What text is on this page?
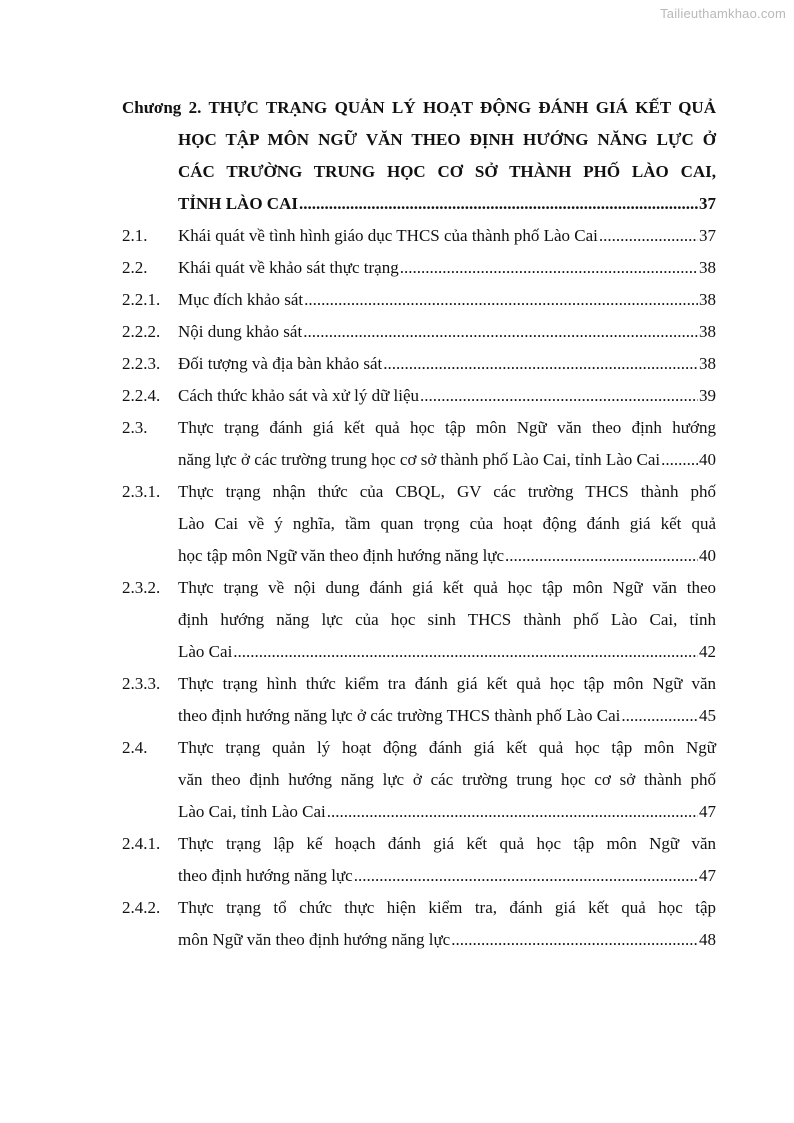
Tailieuthamkhao.com
Chương 2. THỰC TRẠNG QUẢN LÝ HOẠT ĐỘNG ĐÁNH GIÁ KẾT QUẢ
HỌC TẬP MÔN NGỮ VĂN THEO ĐỊNH HƯỚNG NĂNG LỰC Ở
CÁC TRƯỜNG TRUNG HỌC CƠ SỞ THÀNH PHỐ LÀO CAI,
TỈNH LÀO CAI .....	37
2.1.	Khái quát về tình hình giáo dục THCS của thành phố Lào Cai .....	37
2.2.	Khái quát về khảo sát thực trạng .....	38
2.2.1.	Mục đích khảo sát .....	38
2.2.2.	Nội dung khảo sát .....	38
2.2.3.	Đối tượng và địa bàn khảo sát .....	38
2.2.4.	Cách thức khảo sát và xử lý dữ liệu .....	39
2.3.	Thực trạng đánh giá kết quả học tập môn Ngữ văn theo định hướng
năng lực ở các trường trung học cơ sở thành phố Lào Cai, tỉnh Lào Cai ..... 40
2.3.1.	Thực trạng nhận thức của CBQL, GV các trường THCS thành phố
Lào Cai về ý nghĩa, tầm quan trọng của hoạt động đánh giá kết quả
học tập môn Ngữ văn theo định hướng năng lực .....	40
2.3.2.	Thực trạng về nội dung đánh giá kết quả học tập môn Ngữ văn theo
định hướng năng lực của học sinh THCS thành phố Lào Cai, tỉnh
Lào Cai .....	42
2.3.3.	Thực trạng hình thức kiểm tra đánh giá kết quả học tập môn Ngữ văn
theo định hướng năng lực ở các trường THCS thành phố Lào Cai .....	45
2.4.	Thực trạng quản lý hoạt động đánh giá kết quả học tập môn Ngữ
văn theo định hướng năng lực ở các trường trung học cơ sở thành phố
Lào Cai, tỉnh Lào Cai .....	47
2.4.1.	Thực trạng lập kế hoạch đánh giá kết quả học tập môn Ngữ văn
theo định hướng năng lực .....	47
2.4.2.	Thực trạng tổ chức thực hiện kiểm tra, đánh giá kết quả học tập
môn Ngữ văn theo định hướng năng lực .....	48
